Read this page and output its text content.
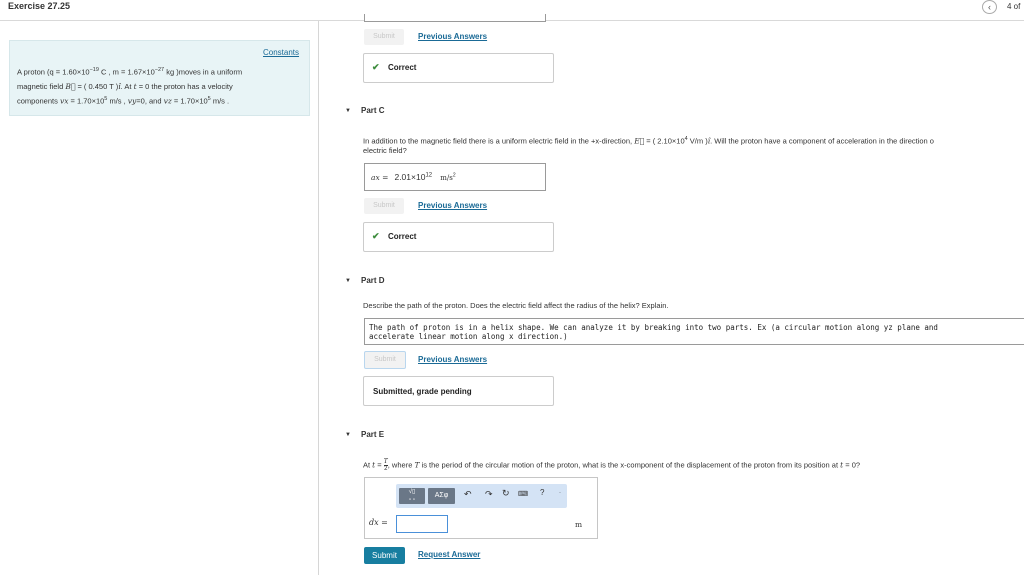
Exercise 27.25	‹	4 of
Constants
A proton ($q = 1.60\times 10^{-19}$ C , $m = 1.67\times 10^{-27}$ kg )moves in a uniform
magnetic field B⃗ = ( 0.450 T )î. At t = 0 the proton has a velocity
components vx = $1.70\times 10^5$ m/s , vy=0, and vz = $1.70\times 10^5$ m/s .
Submit	Previous Answers
✔ Correct
▼ Part C
In addition to the magnetic field there is a uniform electric field in the +x-direction, E⃗ = ( $2.10\times 10^4$ V/m )î. Will the proton have a component of acceleration in the direction o
electric field?
ax = $2.01\times 10^{12}$ $m/s^2$
Submit	Previous Answers
✔ Correct
▼ Part D
Describe the path of the proton. Does the electric field affect the radius of the helix? Explain.
The path of proton is in a helix shape. We can analyze it by breaking into two parts. Ex (a circular motion along yz plane and
accelerate linear motion along x direction.)
Submit	Previous Answers
Submitted, grade pending
▼ Part E
At $t = \frac{T}{2}$ , where T is the period of the circular motion of the proton, what is the x-component of the displacement of the proton from its position at t = 0?
√▯
▫ ▫
ΑΣφ	↶ ↷ ↻ ⌨ ? ·
dx =	m
Submit	Request Answer
